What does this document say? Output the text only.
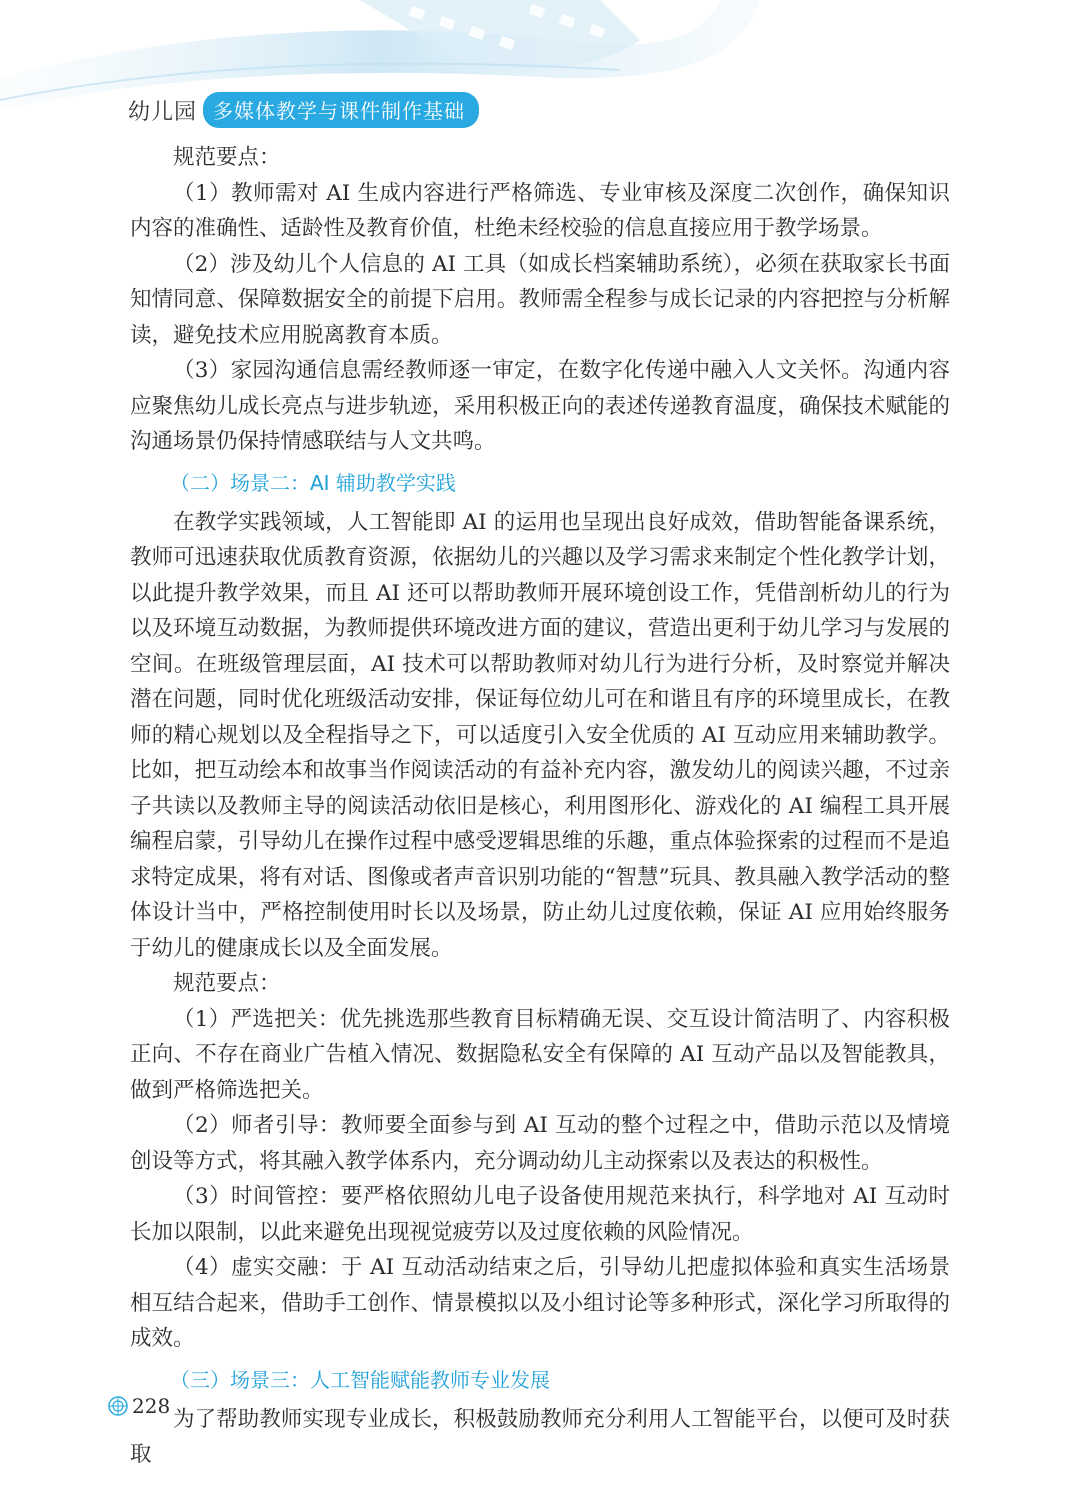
幼儿园 多媒体教学与课件制作基础

规范要点：

（1）教师需对 AI 生成内容进行严格筛选、专业审核及深度二次创作，确保知识内容的准确性、适龄性及教育价值，杜绝未经校验的信息直接应用于教学场景。

（2）涉及幼儿个人信息的 AI 工具（如成长档案辅助系统），必须在获取家长书面知情同意、保障数据安全的前提下启用。教师需全程参与成长记录的内容把控与分析解读，避免技术应用脱离教育本质。

（3）家园沟通信息需经教师逐一审定，在数字化传递中融入人文关怀。沟通内容应聚焦幼儿成长亮点与进步轨迹，采用积极正向的表述传递教育温度，确保技术赋能的沟通场景仍保持情感联结与人文共鸣。

（二）场景二：AI 辅助教学实践

在教学实践领域，人工智能即 AI 的运用也呈现出良好成效，借助智能备课系统，教师可迅速获取优质教育资源，依据幼儿的兴趣以及学习需求来制定个性化教学计划，以此提升教学效果，而且 AI 还可以帮助教师开展环境创设工作，凭借剖析幼儿的行为以及环境互动数据，为教师提供环境改进方面的建议，营造出更利于幼儿学习与发展的空间。在班级管理层面，AI 技术可以帮助教师对幼儿行为进行分析，及时察觉并解决潜在问题，同时优化班级活动安排，保证每位幼儿可在和谐且有序的环境里成长，在教师的精心规划以及全程指导之下，可以适度引入安全优质的 AI 互动应用来辅助教学。比如，把互动绘本和故事当作阅读活动的有益补充内容，激发幼儿的阅读兴趣，不过亲子共读以及教师主导的阅读活动依旧是核心，利用图形化、游戏化的 AI 编程工具开展编程启蒙，引导幼儿在操作过程中感受逻辑思维的乐趣，重点体验探索的过程而不是追求特定成果，将有对话、图像或者声音识别功能的“智慧”玩具、教具融入教学活动的整体设计当中，严格控制使用时长以及场景，防止幼儿过度依赖，保证 AI 应用始终服务于幼儿的健康成长以及全面发展。

规范要点：

（1）严选把关：优先挑选那些教育目标精确无误、交互设计简洁明了、内容积极正向、不存在商业广告植入情况、数据隐私安全有保障的 AI 互动产品以及智能教具，做到严格筛选把关。

（2）师者引导：教师要全面参与到 AI 互动的整个过程之中，借助示范以及情境创设等方式，将其融入教学体系内，充分调动幼儿主动探索以及表达的积极性。

（3）时间管控：要严格依照幼儿电子设备使用规范来执行，科学地对 AI 互动时长加以限制，以此来避免出现视觉疲劳以及过度依赖的风险情况。

（4）虚实交融：于 AI 互动活动结束之后，引导幼儿把虚拟体验和真实生活场景相互结合起来，借助手工创作、情景模拟以及小组讨论等多种形式，深化学习所取得的成效。

（三）场景三：人工智能赋能教师专业发展

为了帮助教师实现专业成长，积极鼓励教师充分利用人工智能平台，以便可及时获取

228
